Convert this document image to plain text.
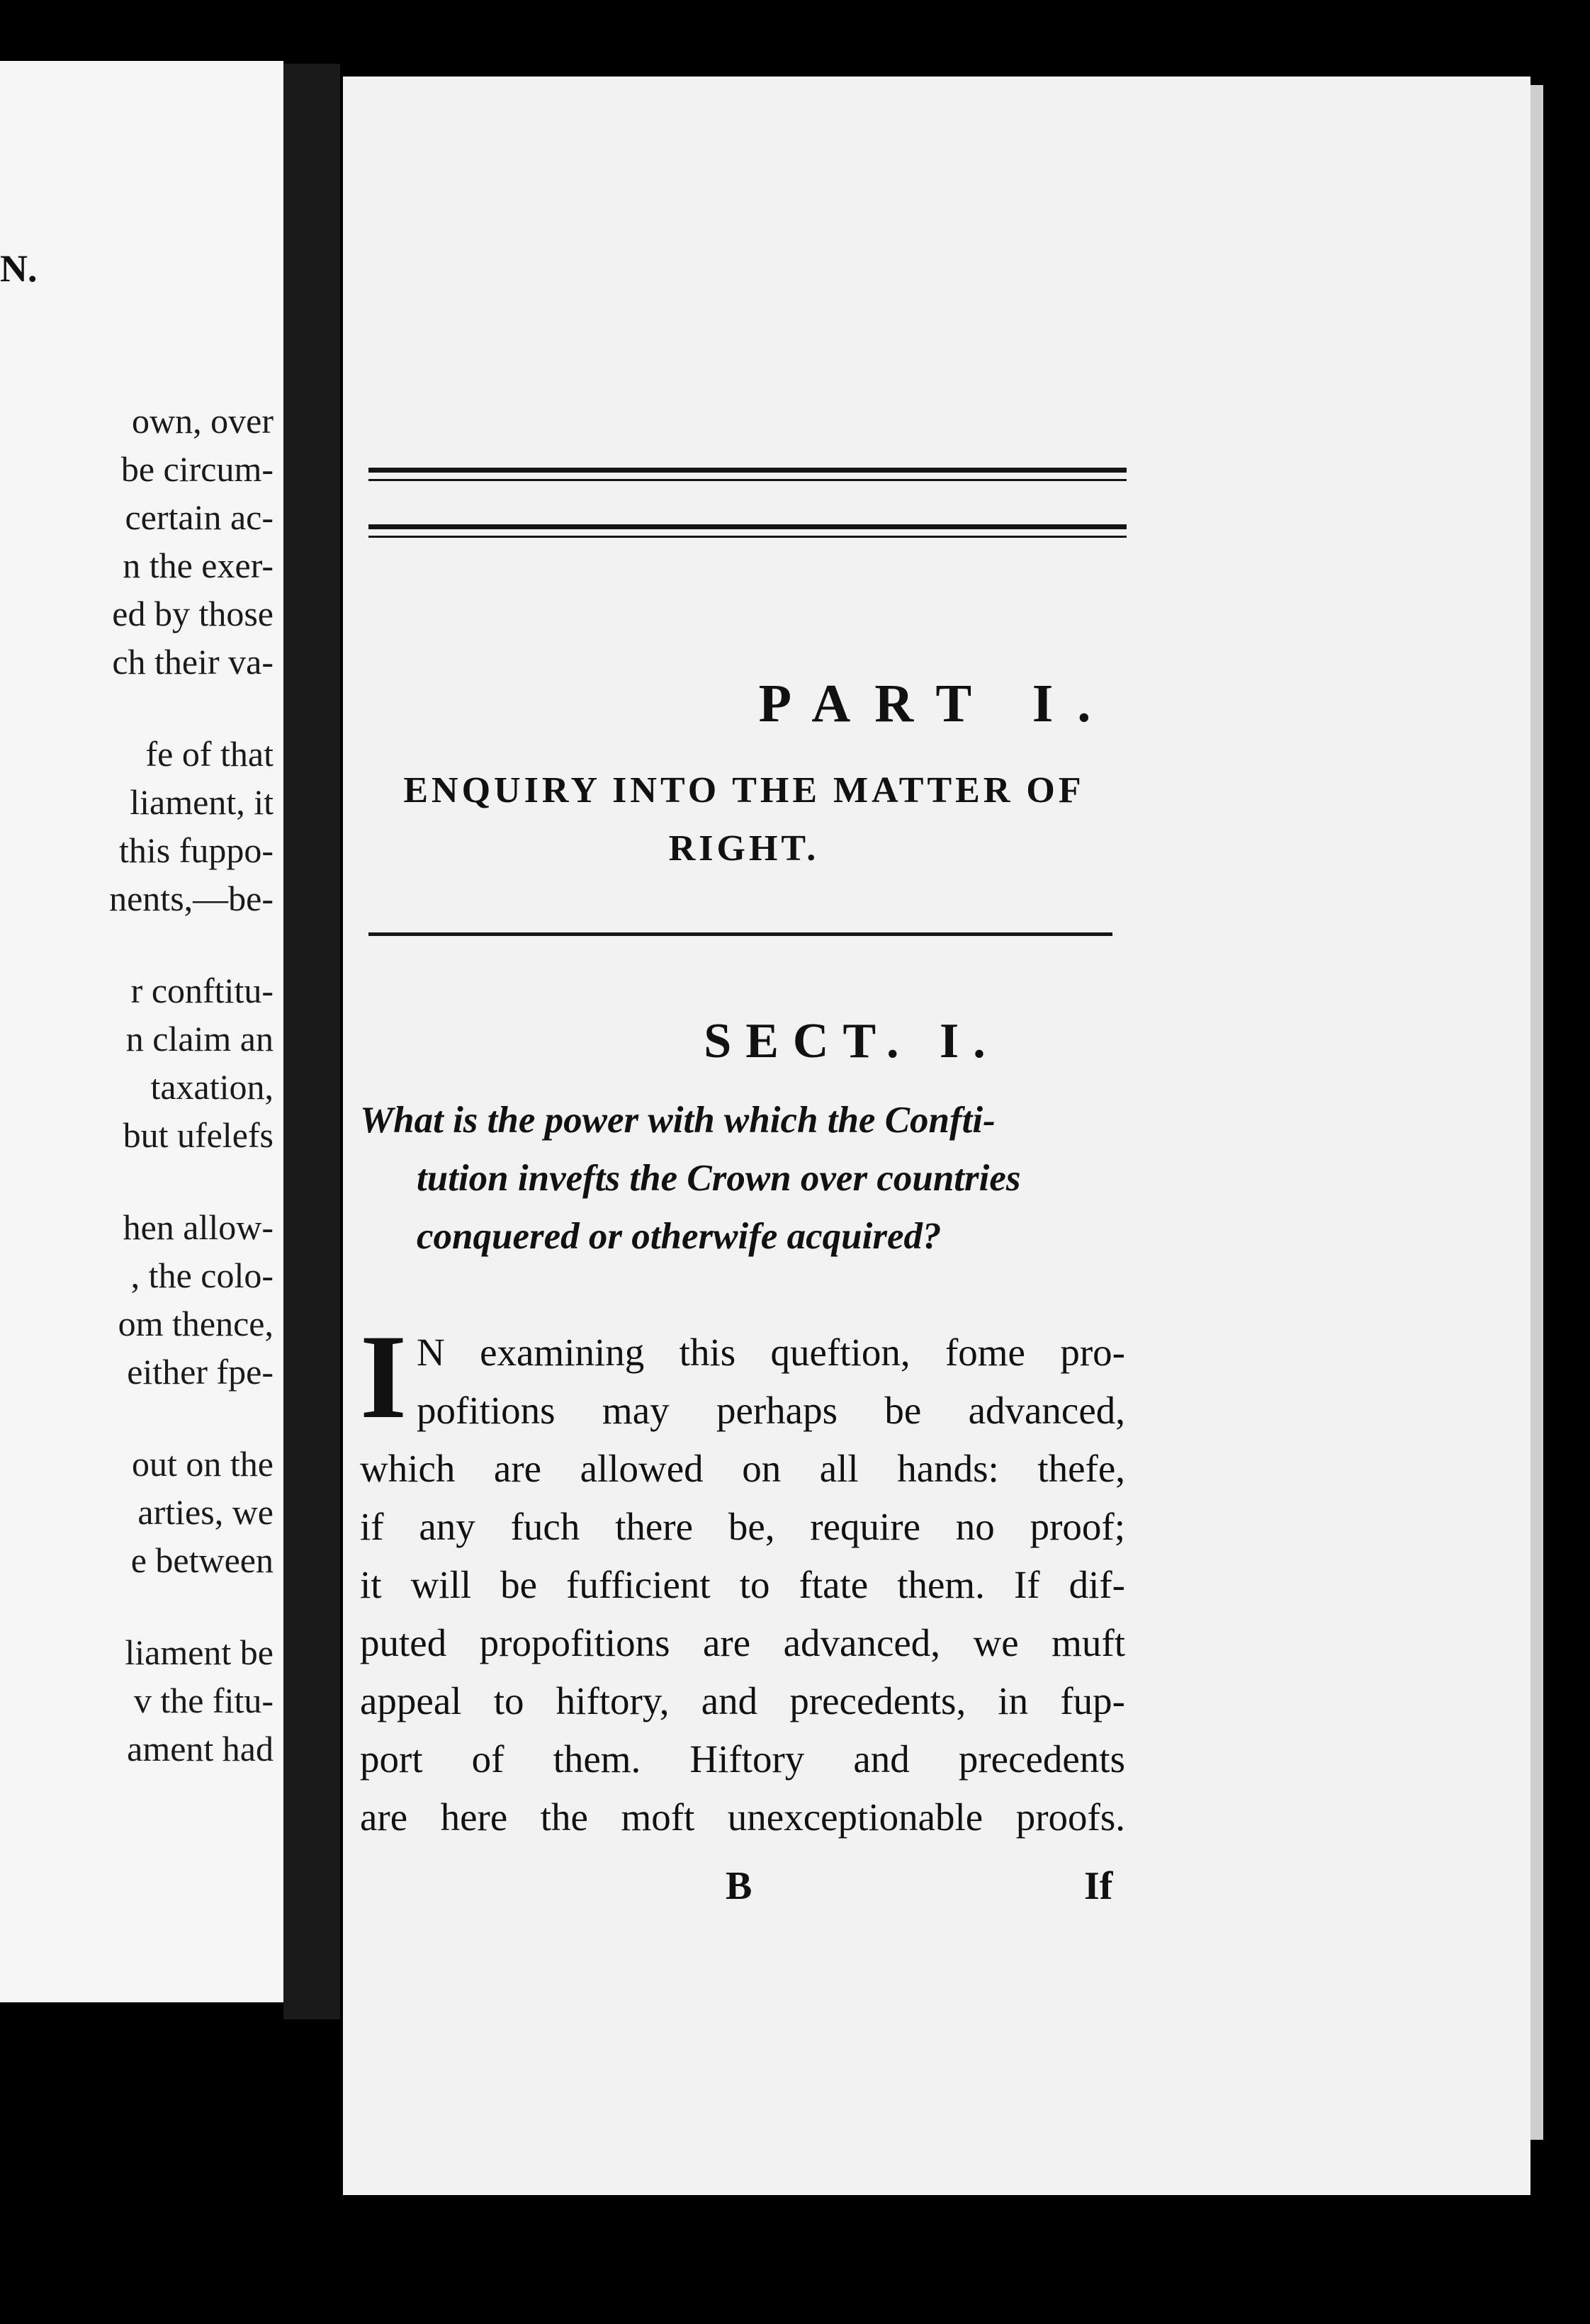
N.
own, over
be circum-
certain ac-
n the exer-
ed by those
ch their va-
fe of that
liament, it
this fuppo-
nents,—be-
r conftitu-
n claim an
taxation,
but ufelefs
hen allow-
, the colo-
om thence,
either fpe-
out on the
arties, we
e between
liament be
v the fitu-
ament had
PART I.
ENQUIRY INTO THE MATTER OF
RIGHT.
SECT. I.
What is the power with which the Confti-
tution invefts the Crown over countries
conquered or otherwife acquired?
I N examining this queftion, fome pro-
pofitions may perhaps be advanced,
which are allowed on all hands: thefe,
if any fuch there be, require no proof;
it will be fufficient to ftate them. If dif-
puted propofitions are advanced, we muft
appeal to hiftory, and precedents, in fup-
port of them. Hiftory and precedents
are here the moft unexceptionable proofs.
B	If
